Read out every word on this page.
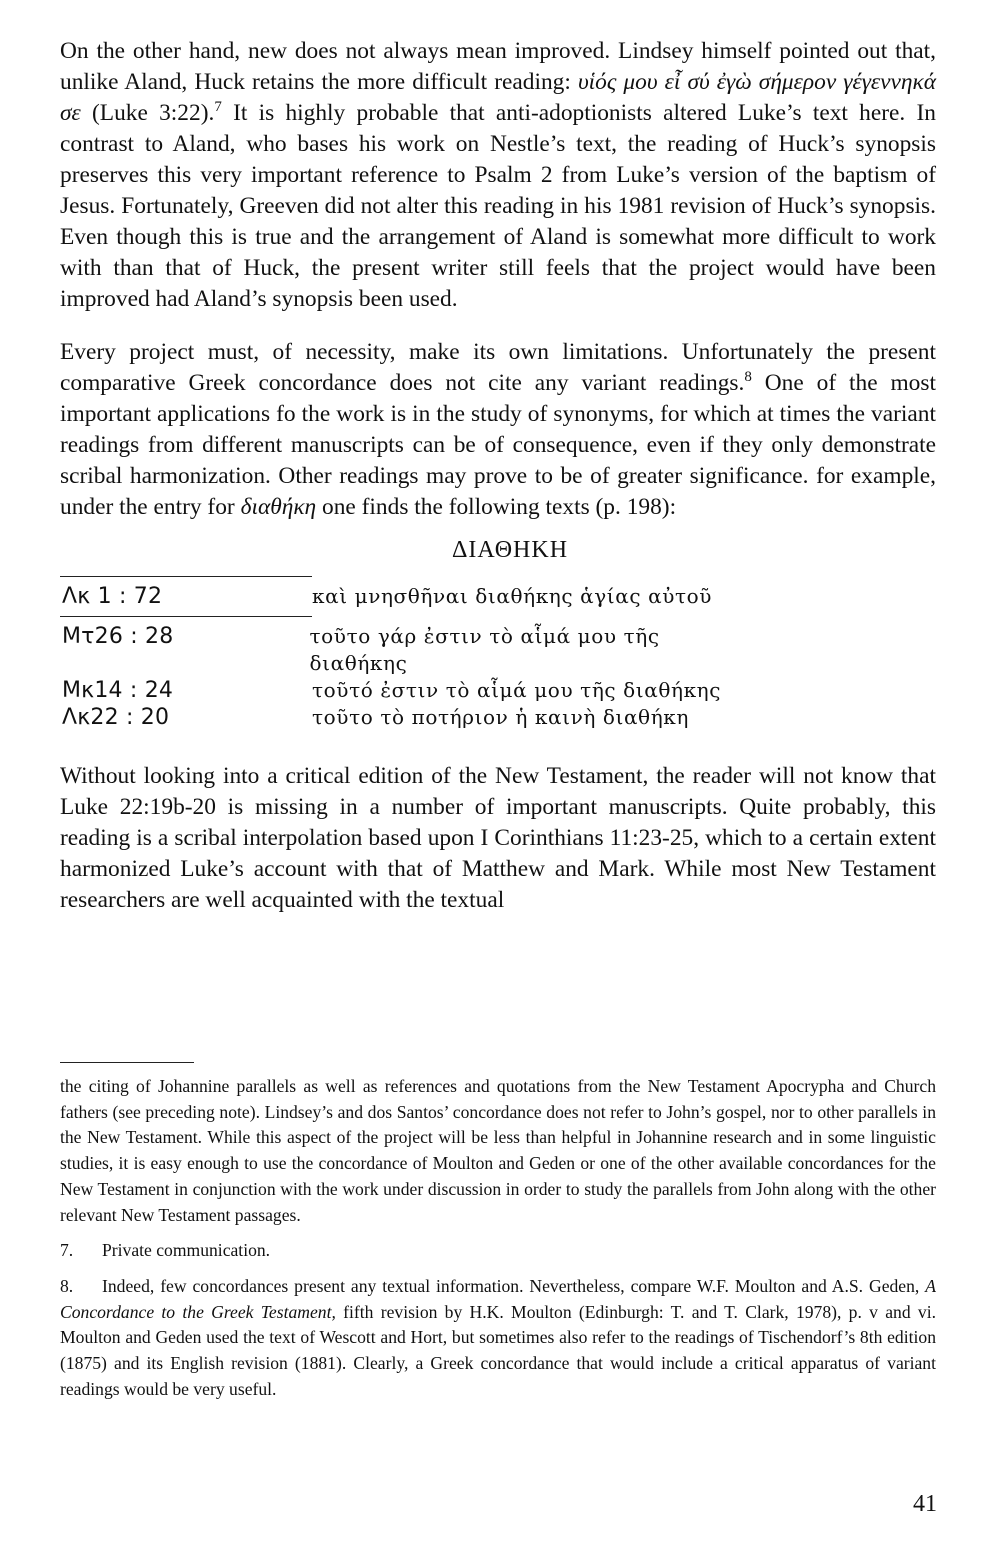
On the other hand, new does not always mean improved. Lindsey himself pointed out that, unlike Aland, Huck retains the more difficult reading: υἱός μου εἶ σύ ἐγὼ σήμερον γέγεννηκά σε (Luke 3:22).$^7$ It is highly probable that anti-adoptionists altered Luke’s text here. In contrast to Aland, who bases his work on Nestle’s text, the reading of Huck’s synopsis preserves this very important reference to Psalm 2 from Luke’s version of the baptism of Jesus. Fortunately, Greeven did not alter this reading in his 1981 revision of Huck’s synopsis. Even though this is true and the arrangement of Aland is somewhat more difficult to work with than that of Huck, the present writer still feels that the project would have been improved had Aland’s synopsis been used.

Every project must, of necessity, make its own limitations. Unfortunately the present comparative Greek concordance does not cite any variant readings.$^8$ One of the most important applications fo the work is in the study of synonyms, for which at times the variant readings from different manuscripts can be of consequence, even if they only demonstrate scribal harmonization. Other readings may prove to be of greater significance. for example, under the entry for διαθήκη one finds the following texts (p. 198):

ΔΙΑΘΗΚΗ
Λκ 1 : 72	καὶ μνησθῆναι διαθήκης ἁγίας αὐτοῦ
Μτ26 : 28	τοῦτο γάρ ἐστιν τὸ αἷμά μου τῆς διαθήκης
Μκ14 : 24	τοῦτό ἐστιν τὸ αἷμά μου τῆς διαθήκης
Λκ22 : 20	τοῦτο τὸ ποτήριον ἡ καινὴ διαθήκη

Without looking into a critical edition of the New Testament, the reader will not know that Luke 22:19b-20 is missing in a number of important manuscripts. Quite probably, this reading is a scribal interpolation based upon I Corinthians 11:23-25, which to a certain extent harmonized Luke’s account with that of Matthew and Mark. While most New Testament researchers are well acquainted with the textual

the citing of Johannine parallels as well as references and quotations from the New Testament Apocrypha and Church fathers (see preceding note). Lindsey’s and dos Santos’ concordance does not refer to John’s gospel, nor to other parallels in the New Testament. While this aspect of the project will be less than helpful in Johannine research and in some linguistic studies, it is easy enough to use the concordance of Moulton and Geden or one of the other available concordances for the New Testament in conjunction with the work under discussion in order to study the parallels from John along with the other relevant New Testament passages.

7. Private communication.

8. Indeed, few concordances present any textual information. Nevertheless, compare W.F. Moulton and A.S. Geden, A Concordance to the Greek Testament, fifth revision by H.K. Moulton (Edinburgh: T. and T. Clark, 1978), p. v and vi. Moulton and Geden used the text of Wescott and Hort, but sometimes also refer to the readings of Tischendorf’s 8th edition (1875) and its English revision (1881). Clearly, a Greek concordance that would include a critical apparatus of variant readings would be very useful.

41
